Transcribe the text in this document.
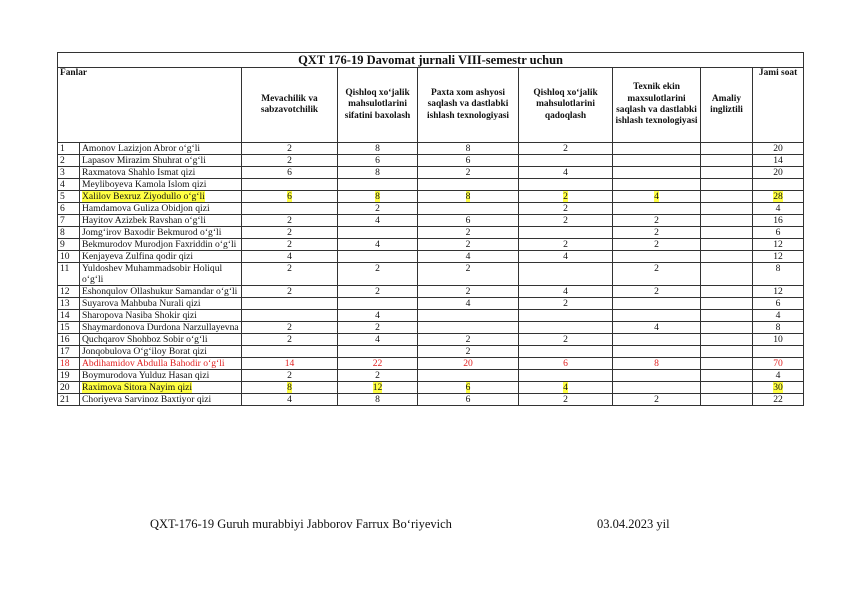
QXT 176-19 Davomat jurnali VIII-semestr uchun								
Fanlar		Mevachilik va sabzavotchilik	Qishloq xo‘jalik mahsulotlarini sifatini baxolash	Paxta xom ashyosi saqlash va dastlabki ishlash texnologiyasi	Qishloq xo‘jalik mahsulotlarini qadoqlash	Texnik ekin maxsulotlarini saqlash va dastlabki ishlash texnologiyasi	Amaliy ingliztili	Jami soat
1	Amonov Lazizjon Abror o‘g‘li	2	8	8	2			20
2	Lapasov Mirazim Shuhrat o‘g‘li	2	6	6				14
3	Raxmatova Shahlo Ismat qizi	6	8	2	4			20
4	Meyliboyeva Kamola Islom qizi							
5	Xalilov Bexruz Ziyodullo o‘g‘li	6	8	8	2	4		28
6	Hamdamova Guliza Obidjon qizi		2		2			4
7	Hayitov Azizbek Ravshan o‘g‘li	2	4	6	2	2		16
8	Jomg‘irov Baxodir Bekmurod o‘g‘li	2		2		2		6
9	Bekmurodov Murodjon Faxriddin o‘g‘li	2	4	2	2	2		12
10	Kenjayeva Zulfina qodir qizi	4		4	4			12
11	Yuldoshev Muhammadsobir Holiqul o‘g‘li	2	2	2		2		8
12	Eshonqulov Ollashukur Samandar o‘g‘li	2	2	2	4	2		12
13	Suyarova Mahbuba Nurali qizi			4	2			6
14	Sharopova Nasiba Shokir qizi		4					4
15	Shaymardonova Durdona Narzullayevna	2	2			4		8
16	Quchqarov Shohboz Sobir o‘g‘li	2	4	2	2			10
17	Jonqobulova O‘g‘iloy Borat qizi			2				
18	Abdihamidov Abdulla Bahodir o‘g‘li	14	22	20	6	8		70
19	Boymurodova Yulduz Hasan qizi	2	2					4
20	Raximova Sitora Nayim qizi	8	12	6	4			30
21	Choriyeva Sarvinoz Baxtiyor qizi	4	8	6	2	2		22
QXT-176-19 Guruh murabbiyi Jabborov Farrux Bo‘riyevich	03.04.2023 yil
